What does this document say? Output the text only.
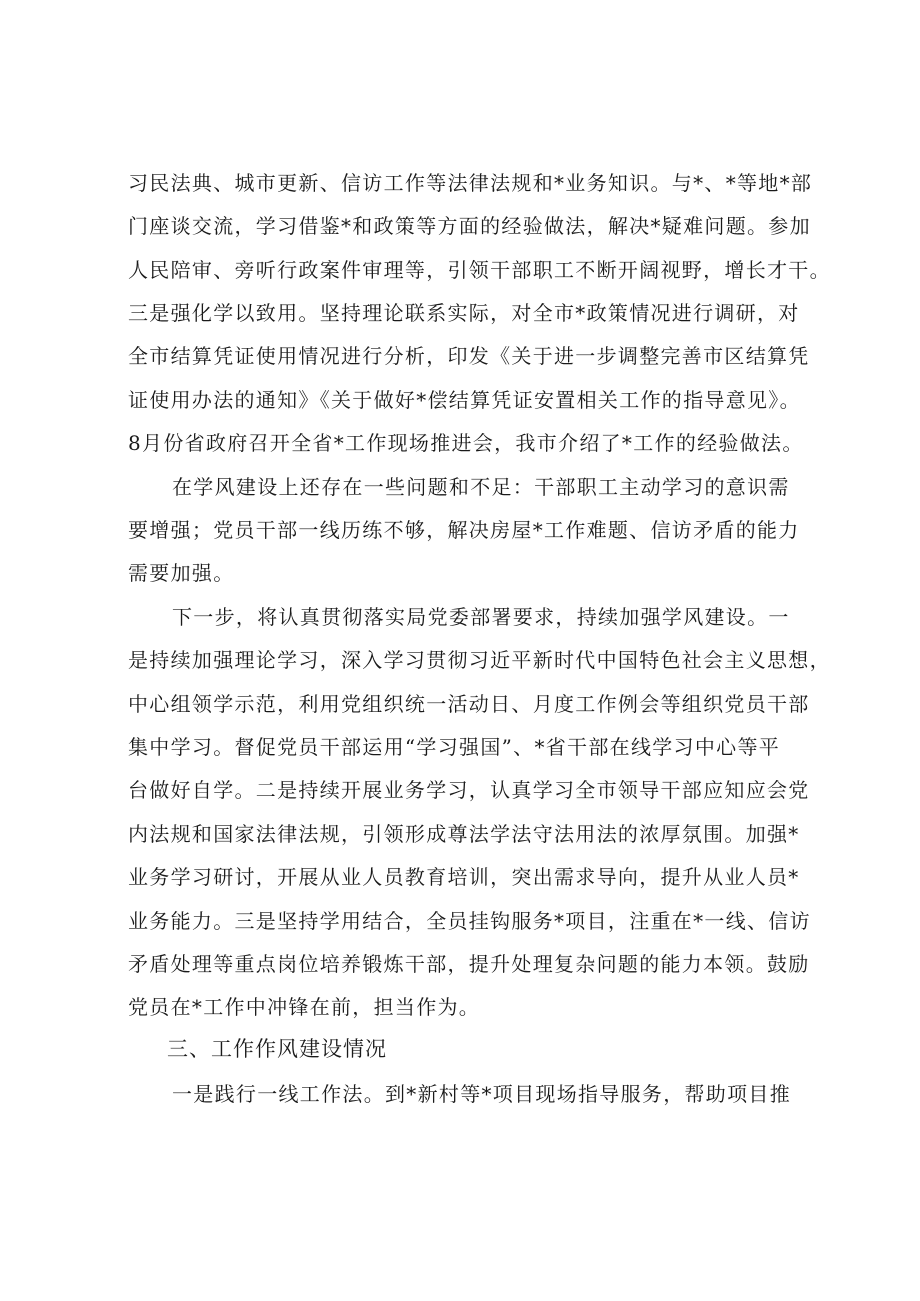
习民法典、城市更新、信访工作等法律法规和*业务知识。与*、*等地*部
门座谈交流，学习借鉴*和政策等方面的经验做法，解决*疑难问题。参加
人民陪审、旁听行政案件审理等，引领干部职工不断开阔视野，增长才干。
三是强化学以致用。坚持理论联系实际，对全市*政策情况进行调研，对
全市结算凭证使用情况进行分析，印发《关于进一步调整完善市区结算凭
证使用办法的通知》《关于做好*偿结算凭证安置相关工作的指导意见》。
8月份省政府召开全省*工作现场推进会，我市介绍了*工作的经验做法。
在学风建设上还存在一些问题和不足：干部职工主动学习的意识需
要增强；党员干部一线历练不够，解决房屋*工作难题、信访矛盾的能力
需要加强。
下一步，将认真贯彻落实局党委部署要求，持续加强学风建设。一
是持续加强理论学习，深入学习贯彻习近平新时代中国特色社会主义思想，
中心组领学示范，利用党组织统一活动日、月度工作例会等组织党员干部
集中学习。督促党员干部运用“学习强国”、*省干部在线学习中心等平
台做好自学。二是持续开展业务学习，认真学习全市领导干部应知应会党
内法规和国家法律法规，引领形成尊法学法守法用法的浓厚氛围。加强*
业务学习研讨，开展从业人员教育培训，突出需求导向，提升从业人员*
业务能力。三是坚持学用结合，全员挂钩服务*项目，注重在*一线、信访
矛盾处理等重点岗位培养锻炼干部，提升处理复杂问题的能力本领。鼓励
党员在*工作中冲锋在前，担当作为。
三、工作作风建设情况
一是践行一线工作法。到*新村等*项目现场指导服务，帮助项目推
